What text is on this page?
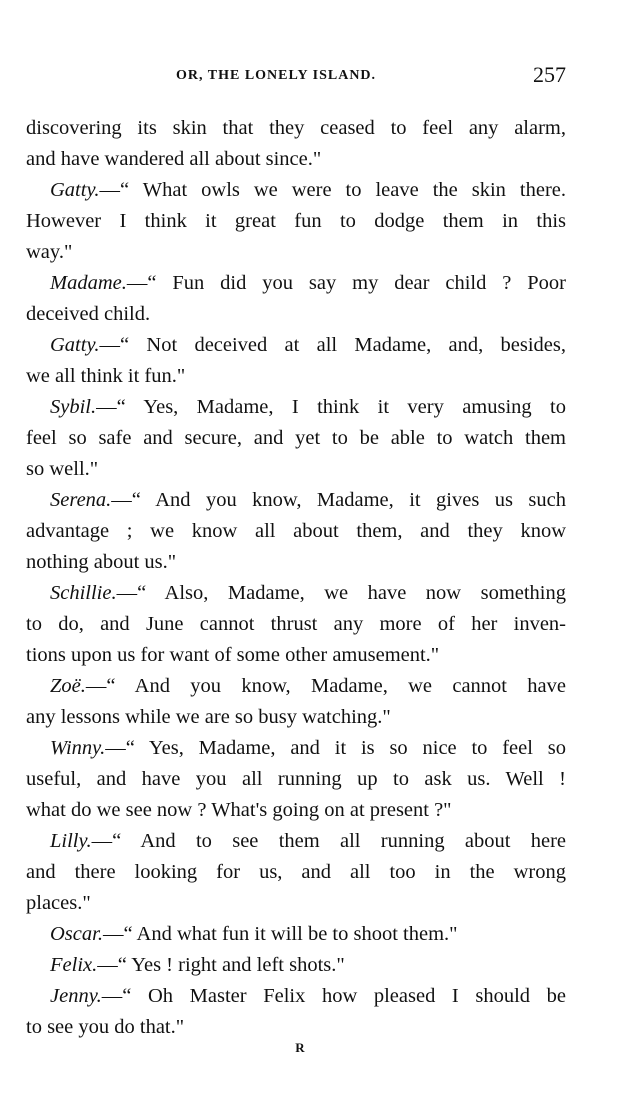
OR, THE LONELY ISLAND.	257
discovering its skin that they ceased to feel any alarm,
and have wandered all about since."
Gatty.—“ What owls we were to leave the skin there.
However I think it great fun to dodge them in this
way."
Madame.—“ Fun did you say my dear child ? Poor
deceived child.
Gatty.—“ Not deceived at all Madame, and, besides,
we all think it fun."
Sybil.—“ Yes, Madame, I think it very amusing to
feel so safe and secure, and yet to be able to watch them
so well."
Serena.—“ And you know, Madame, it gives us such
advantage ; we know all about them, and they know
nothing about us."
Schillie.—“ Also, Madame, we have now something
to do, and June cannot thrust any more of her inven-
tions upon us for want of some other amusement."
Zoë.—“ And you know, Madame, we cannot have
any lessons while we are so busy watching."
Winny.—“ Yes, Madame, and it is so nice to feel so
useful, and have you all running up to ask us. Well !
what do we see now ? What's going on at present ?"
Lilly.—“ And to see them all running about here
and there looking for us, and all too in the wrong
places."
Oscar.—“ And what fun it will be to shoot them."
Felix.—“ Yes ! right and left shots."
Jenny.—“ Oh Master Felix how pleased I should be
to see you do that."
R
